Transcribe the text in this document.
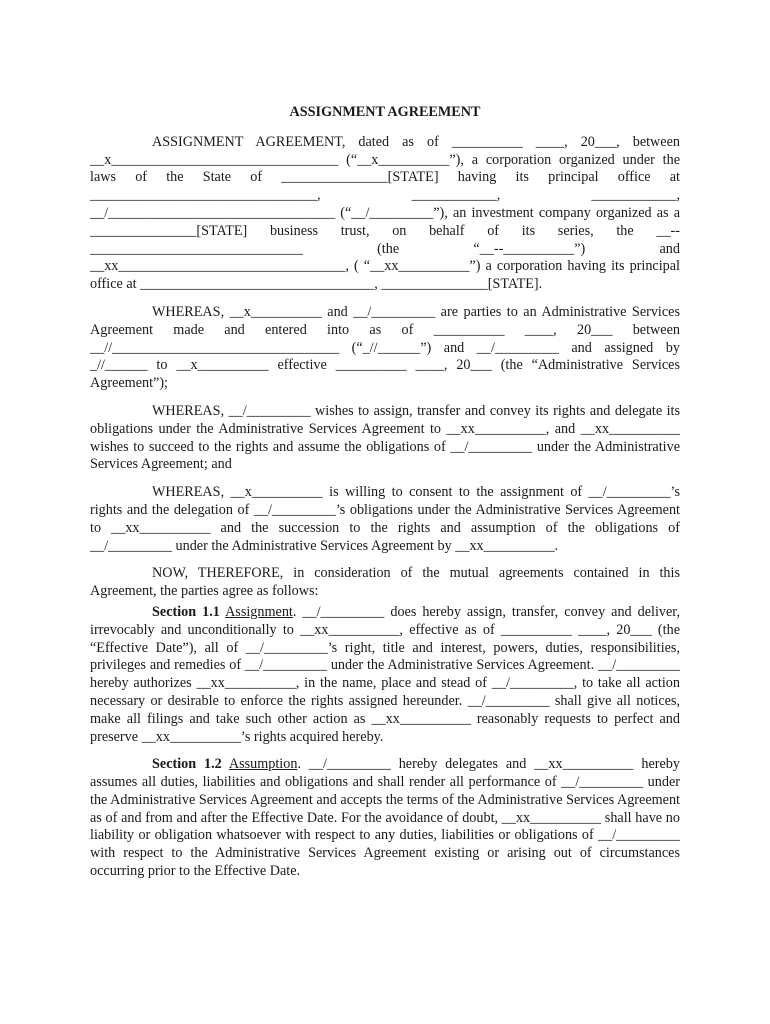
ASSIGNMENT AGREEMENT

ASSIGNMENT AGREEMENT, dated as of __________ ____, 20___, between __x________________________________ (“__x__________”), a corporation organized under the laws of the State of _______________[STATE] having its principal office at ________________________________, ____________, ____________, __/________________________________ (“__/_________”), an investment company organized as a _______________[STATE] business trust, on behalf of its series, the __-- ______________________________ (the “__--__________”) and __xx________________________________, ( “__xx__________”) a corporation having its principal office at _________________________________, _______________[STATE].

WHEREAS, __x__________ and __/_________ are parties to an Administrative Services Agreement made and entered into as of __________ ____, 20___ between __//________________________________ (“_//______”) and __/_________ and assigned by _//______ to __x__________ effective __________ ____, 20___ (the “Administrative Services Agreement”);

WHEREAS, __/_________ wishes to assign, transfer and convey its rights and delegate its obligations under the Administrative Services Agreement to __xx__________, and __xx__________ wishes to succeed to the rights and assume the obligations of __/_________ under the Administrative Services Agreement; and

WHEREAS, __x__________ is willing to consent to the assignment of __/_________’s rights and the delegation of __/_________’s obligations under the Administrative Services Agreement to __xx__________ and the succession to the rights and assumption of the obligations of __/_________ under the Administrative Services Agreement by __xx__________.

NOW, THEREFORE, in consideration of the mutual agreements contained in this Agreement, the parties agree as follows:

Section 1.1 Assignment. __/_________ does hereby assign, transfer, convey and deliver, irrevocably and unconditionally to __xx__________, effective as of __________ ____, 20___ (the “Effective Date”), all of __/_________’s right, title and interest, powers, duties, responsibilities, privileges and remedies of __/_________ under the Administrative Services Agreement. __/_________ hereby authorizes __xx__________, in the name, place and stead of __/_________, to take all action necessary or desirable to enforce the rights assigned hereunder. __/_________ shall give all notices, make all filings and take such other action as __xx__________ reasonably requests to perfect and preserve __xx__________’s rights acquired hereby.

Section 1.2 Assumption. __/_________ hereby delegates and __xx__________ hereby assumes all duties, liabilities and obligations and shall render all performance of __/_________ under the Administrative Services Agreement and accepts the terms of the Administrative Services Agreement as of and from and after the Effective Date. For the avoidance of doubt, __xx__________ shall have no liability or obligation whatsoever with respect to any duties, liabilities or obligations of __/_________ with respect to the Administrative Services Agreement existing or arising out of circumstances occurring prior to the Effective Date.
